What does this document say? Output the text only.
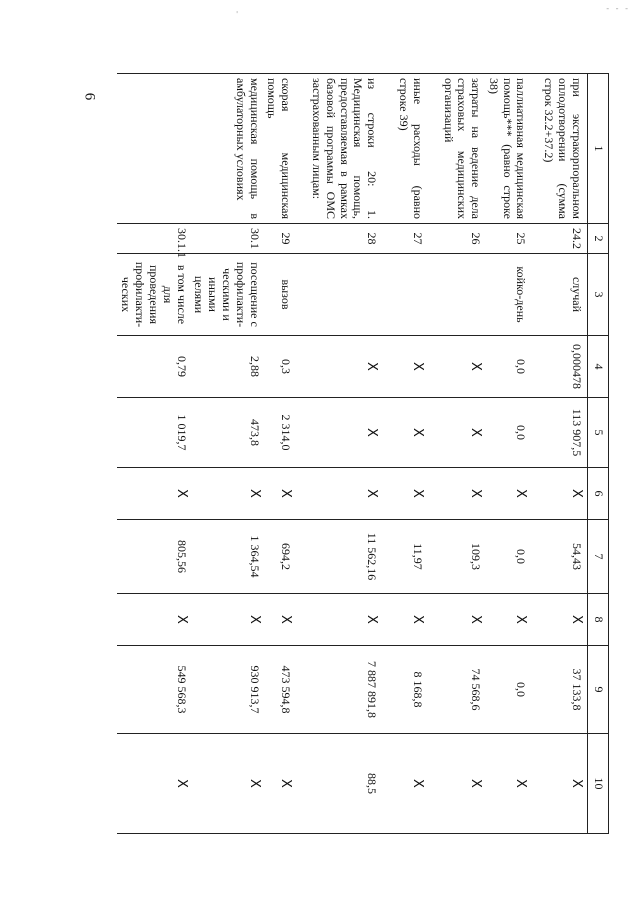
6
- - -
'
1	2	3	4	5	6	7	8	9	10
при экстракорпоральном оплодотворении (сумма строк 32.2+37.2)	24.2	случай	0,000478	113 907,5	Х	54,43	Х	37 133,8	Х
паллиативная медицинская помощь*** (равно строке 38)	25	койко-день	0,0	0,0	Х	0,0	Х	0,0	Х
затраты на ведение дела страховых медицинских организаций	26		Х	Х	Х	109,3	Х	74 568,6	Х
иные расходы (равно строке 39)	27		Х	Х	Х	11,97	Х	8 168,8	Х
из строки 20: 1. Медицинская помощь, предоставляемая в рамках базовой программы ОМС застрахованным лицам:	28		Х	Х	Х	11 562,16	Х	7 887 891,8	88,5
скорая медицинская помощь	29	вызов	0,3	2 314,0	Х	694,2	Х	473 594,8	Х
медицинская помощь в амбулаторных условиях	30.1	посещение с профилакти-ческими и иными целями	2,88	473,8	Х	1 364,54	Х	930 913,7	Х
	30.1.1	в том числе для проведения профилакти-ческих	0,79	1 019,7	Х	805,56	Х	549 568,3	Х
